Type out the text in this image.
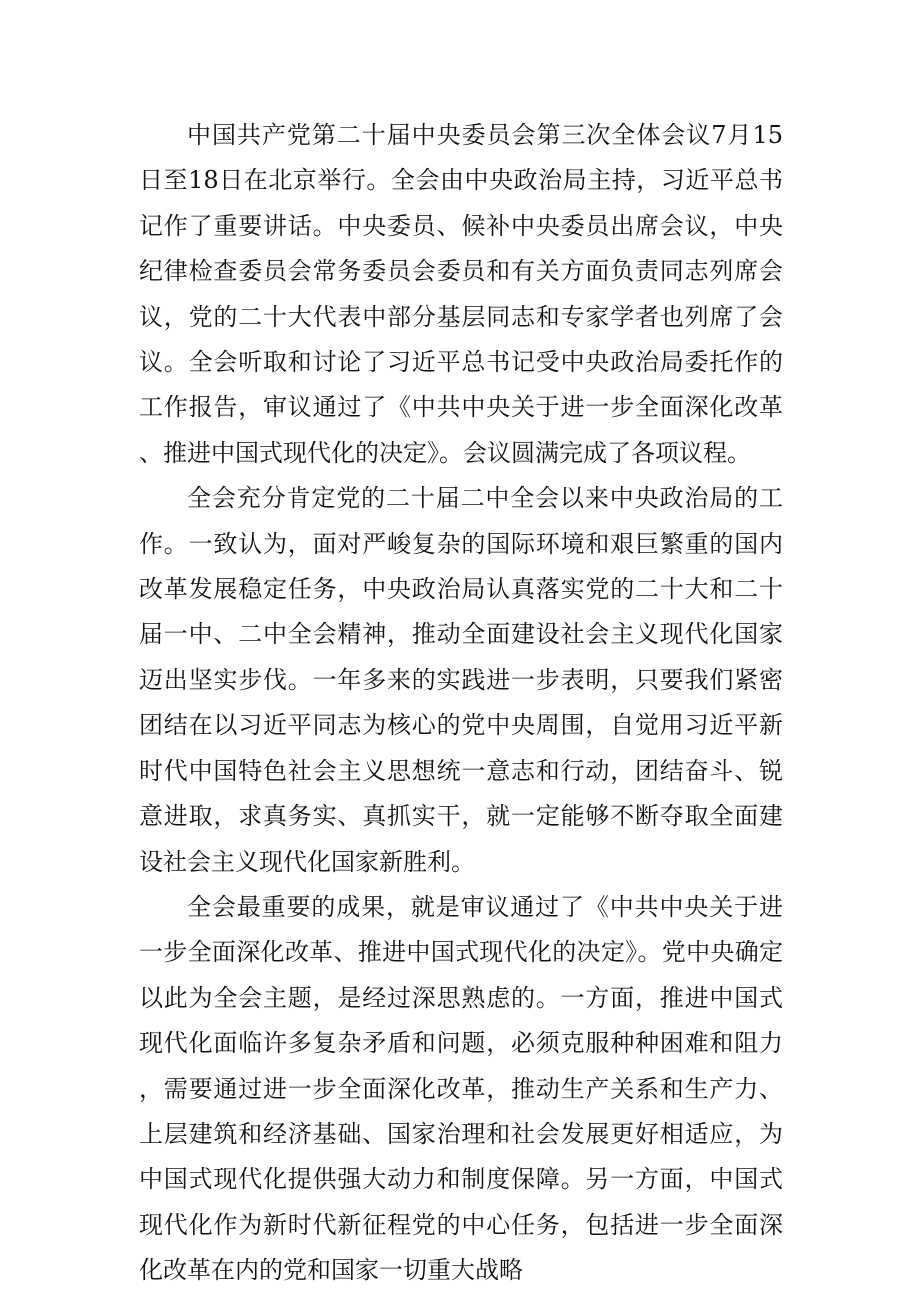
中国共产党第二十届中央委员会第三次全体会议7月15日至18日在北京举行。全会由中央政治局主持，习近平总书记作了重要讲话。中央委员、候补中央委员出席会议，中央纪律检查委员会常务委员会委员和有关方面负责同志列席会议，党的二十大代表中部分基层同志和专家学者也列席了会议。全会听取和讨论了习近平总书记受中央政治局委托作的工作报告，审议通过了《中共中央关于进一步全面深化改革、推进中国式现代化的决定》。会议圆满完成了各项议程。

全会充分肯定党的二十届二中全会以来中央政治局的工作。一致认为，面对严峻复杂的国际环境和艰巨繁重的国内改革发展稳定任务，中央政治局认真落实党的二十大和二十届一中、二中全会精神，推动全面建设社会主义现代化国家迈出坚实步伐。一年多来的实践进一步表明，只要我们紧密团结在以习近平同志为核心的党中央周围，自觉用习近平新时代中国特色社会主义思想统一意志和行动，团结奋斗、锐意进取，求真务实、真抓实干，就一定能够不断夺取全面建设社会主义现代化国家新胜利。

全会最重要的成果，就是审议通过了《中共中央关于进一步全面深化改革、推进中国式现代化的决定》。党中央确定以此为全会主题，是经过深思熟虑的。一方面，推进中国式现代化面临许多复杂矛盾和问题，必须克服种种困难和阻力，需要通过进一步全面深化改革，推动生产关系和生产力、上层建筑和经济基础、国家治理和社会发展更好相适应，为中国式现代化提供强大动力和制度保障。另一方面，中国式现代化作为新时代新征程党的中心任务，包括进一步全面深化改革在内的党和国家一切重大战略
